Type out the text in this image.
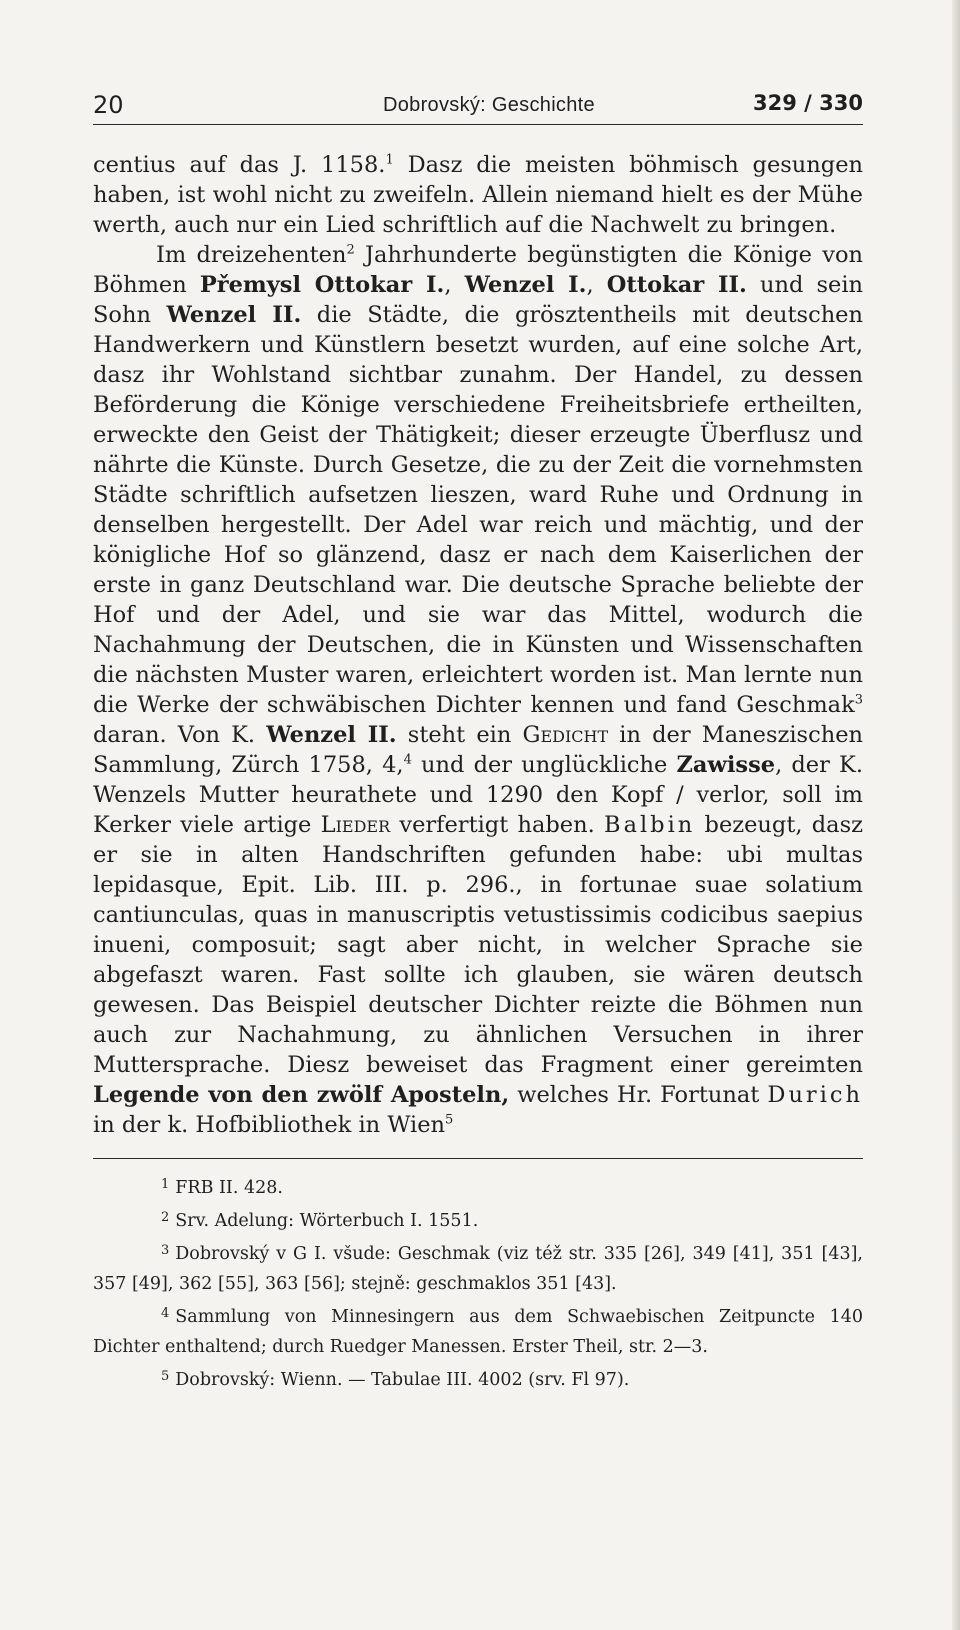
20	Dobrovský: Geschichte	329 / 330

centius auf das J. 1158.$^1$ Dasz die meisten böhmisch gesungen haben, ist wohl nicht zu zweifeln. Allein niemand hielt es der Mühe werth, auch nur ein Lied schriftlich auf die Nachwelt zu bringen.

Im dreizehenten$^2$ Jahrhunderte begünstigten die Könige von Böhmen Přemysl Ottokar I., Wenzel I., Ottokar II. und sein Sohn Wenzel II. die Städte, die grösztentheils mit deutschen Handwerkern und Künstlern besetzt wurden, auf eine solche Art, dasz ihr Wohlstand sichtbar zunahm. Der Handel, zu dessen Beförderung die Könige verschiedene Freiheitsbriefe ertheilten, erweckte den Geist der Thätigkeit; dieser erzeugte Überflusz und nährte die Künste. Durch Gesetze, die zu der Zeit die vornehmsten Städte schriftlich aufsetzen lieszen, ward Ruhe und Ordnung in denselben hergestellt. Der Adel war reich und mächtig, und der königliche Hof so glänzend, dasz er nach dem Kaiserlichen der erste in ganz Deutschland war. Die deutsche Sprache beliebte der Hof und der Adel, und sie war das Mittel, wodurch die Nachahmung der Deutschen, die in Künsten und Wissenschaften die nächsten Muster waren, erleichtert worden ist. Man lernte nun die Werke der schwäbischen Dichter kennen und fand Geschmak$^3$ daran. Von K. Wenzel II. steht ein Gedicht in der Maneszischen Sammlung, Zürch 1758, 4,$^4$ und der unglückliche Zawisse, der K. Wenzels Mutter heurathete und 1290 den Kopf / verlor, soll im Kerker viele artige Lieder verfertigt haben. Balbin bezeugt, dasz er sie in alten Handschriften gefunden habe: ubi multas lepidasque, Epit. Lib. III. p. 296., in fortunae suae solatium cantiunculas, quas in manuscriptis vetustissimis codicibus saepius inueni, composuit; sagt aber nicht, in welcher Sprache sie abgefaszt waren. Fast sollte ich glauben, sie wären deutsch gewesen. Das Beispiel deutscher Dichter reizte die Böhmen nun auch zur Nachahmung, zu ähnlichen Versuchen in ihrer Muttersprache. Diesz beweiset das Fragment einer gereimten Legende von den zwölf Aposteln, welches Hr. Fortunat Durich in der k. Hofbibliothek in Wien$^5$

$^1$ FRB II. 428.

$^2$ Srv. Adelung: Wörterbuch I. 1551.

$^3$ Dobrovský v G I. všude: Geschmak (viz též str. 335 [26], 349 [41], 351 [43], 357 [49], 362 [55], 363 [56]; stejně: geschmaklos 351 [43].

$^4$ Sammlung von Minnesingern aus dem Schwaebischen Zeitpuncte 140 Dichter enthaltend; durch Ruedger Manessen. Erster Theil, str. 2—3.

$^5$ Dobrovský: Wienn. — Tabulae III. 4002 (srv. Fl 97).
